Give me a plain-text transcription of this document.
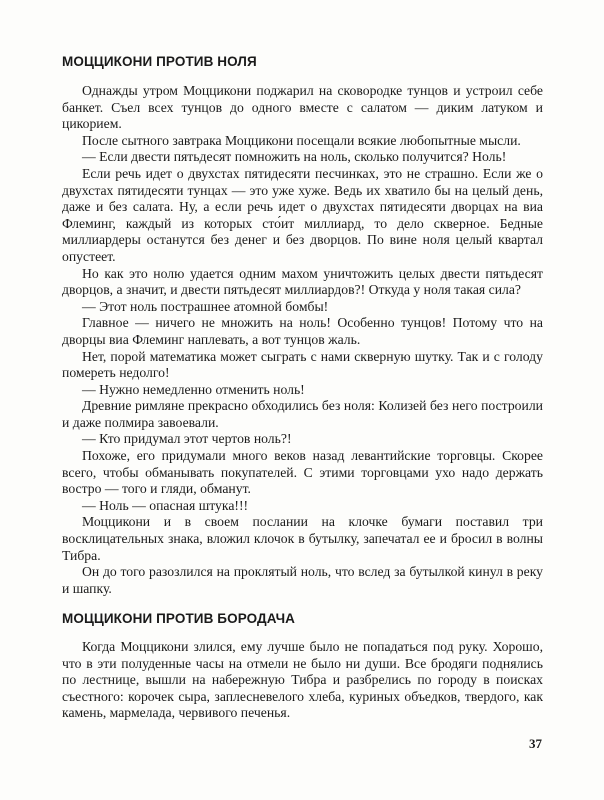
МОЦЦИКОНИ ПРОТИВ НОЛЯ

Однажды утром Моццикони поджарил на сковородке тунцов и устроил себе банкет. Съел всех тунцов до одного вместе с салатом — диким латуком и цикорием.

После сытного завтрака Моццикони посещали всякие любопытные мысли.

— Если двести пятьдесят помножить на ноль, сколько получится? Ноль!

Если речь идет о двухстах пятидесяти песчинках, это не страшно. Если же о двухстах пятидесяти тунцах — это уже хуже. Ведь их хватило бы на целый день, даже и без салата. Ну, а если речь идет о двухстах пятидесяти дворцах на виа Флеминг, каждый из которых сто́ит миллиард, то дело скверное. Бедные миллиардеры останутся без денег и без дворцов. По вине ноля целый квартал опустеет.

Но как это нолю удается одним махом уничтожить целых двести пятьдесят дворцов, а значит, и двести пятьдесят миллиардов?! Откуда у ноля такая сила?

— Этот ноль пострашнее атомной бомбы!

Главное — ничего не множить на ноль! Особенно тунцов! Потому что на дворцы виа Флеминг наплевать, а вот тунцов жаль.

Нет, порой математика может сыграть с нами скверную шутку. Так и с голоду помереть недолго!

— Нужно немедленно отменить ноль!

Древние римляне прекрасно обходились без ноля: Колизей без него построили и даже полмира завоевали.

— Кто придумал этот чертов ноль?!

Похоже, его придумали много веков назад левантийские торговцы. Скорее всего, чтобы обманывать покупателей. С этими торговцами ухо надо держать востро — того и гляди, обманут.

— Ноль — опасная штука!!!

Моццикони и в своем послании на клочке бумаги поставил три восклицательных знака, вложил клочок в бутылку, запечатал ее и бросил в волны Тибра.

Он до того разозлился на проклятый ноль, что вслед за бутылкой кинул в реку и шапку.

МОЦЦИКОНИ ПРОТИВ БОРОДАЧА

Когда Моццикони злился, ему лучше было не попадаться под руку. Хорошо, что в эти полуденные часы на отмели не было ни души. Все бродяги поднялись по лестнице, вышли на набережную Тибра и разбрелись по городу в поисках съестного: корочек сыра, заплесневелого хлеба, куриных объедков, твердого, как камень, мармелада, червивого печенья.

37
